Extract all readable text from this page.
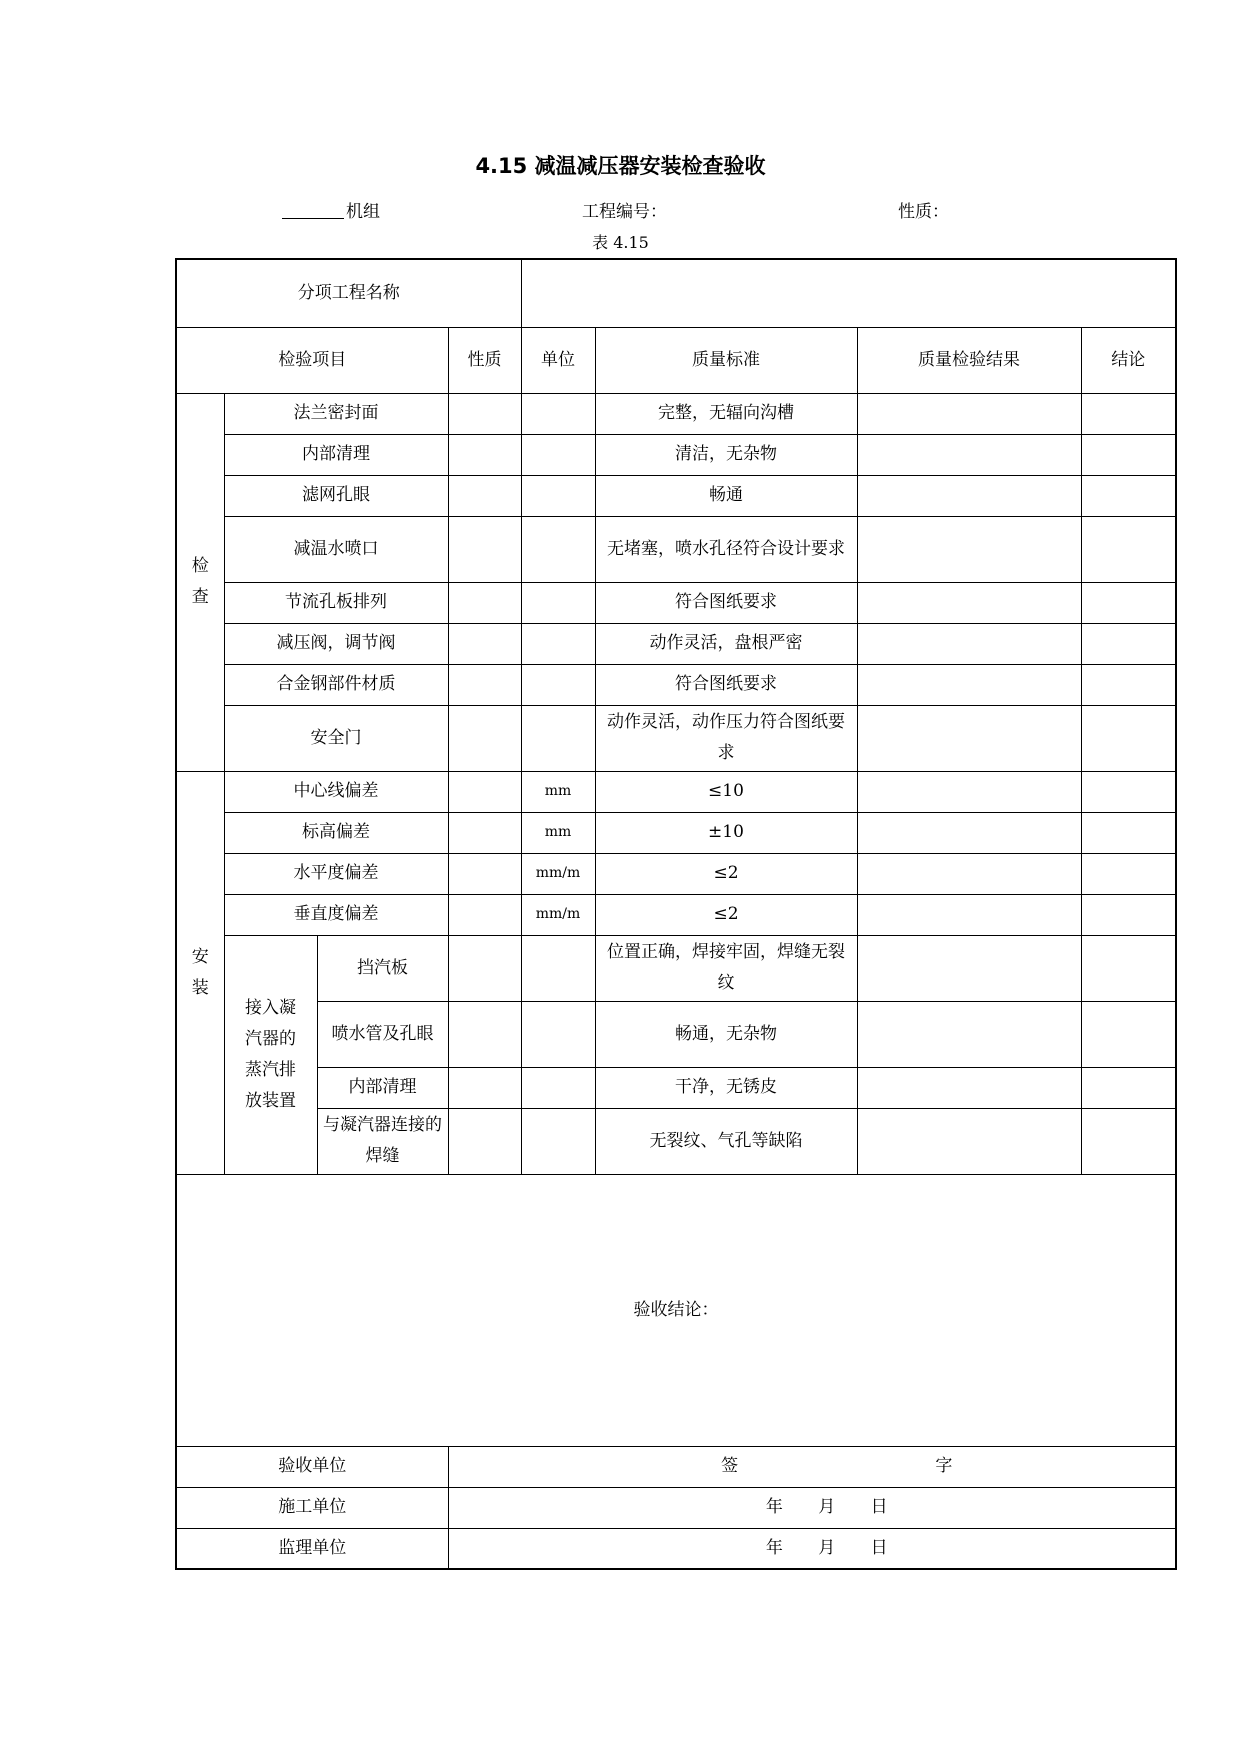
4.15 减温减压器安装检查验收
机组	工程编号：	性质：
表 4.15
分项工程名称							
检验项目			性质	单位	质量标准	质量检验结果	结论
检查	法兰密封面				完整，无辐向沟槽		
	内部清理				清洁，无杂物		
	滤网孔眼				畅通		
	减温水喷口				无堵塞，喷水孔径符合设计要求		
	节流孔板排列				符合图纸要求		
	减压阀，调节阀				动作灵活，盘根严密		
	合金钢部件材质				符合图纸要求		
	安全门				动作灵活，动作压力符合图纸要求		
安装	中心线偏差			mm	≤10		
	标高偏差			mm	±10		
	水平度偏差			mm/m	≤2		
	垂直度偏差			mm/m	≤2		
	接入凝汽器的蒸汽排放装置	挡汽板			位置正确，焊接牢固，焊缝无裂纹		
		喷水管及孔眼			畅通，无杂物		
		内部清理			干净，无锈皮		
		与凝汽器连接的焊缝			无裂纹、气孔等缺陷		
验收结论：							
验收单位			签 字				

施工单位			年 月 日				
监理单位			年 月 日				
